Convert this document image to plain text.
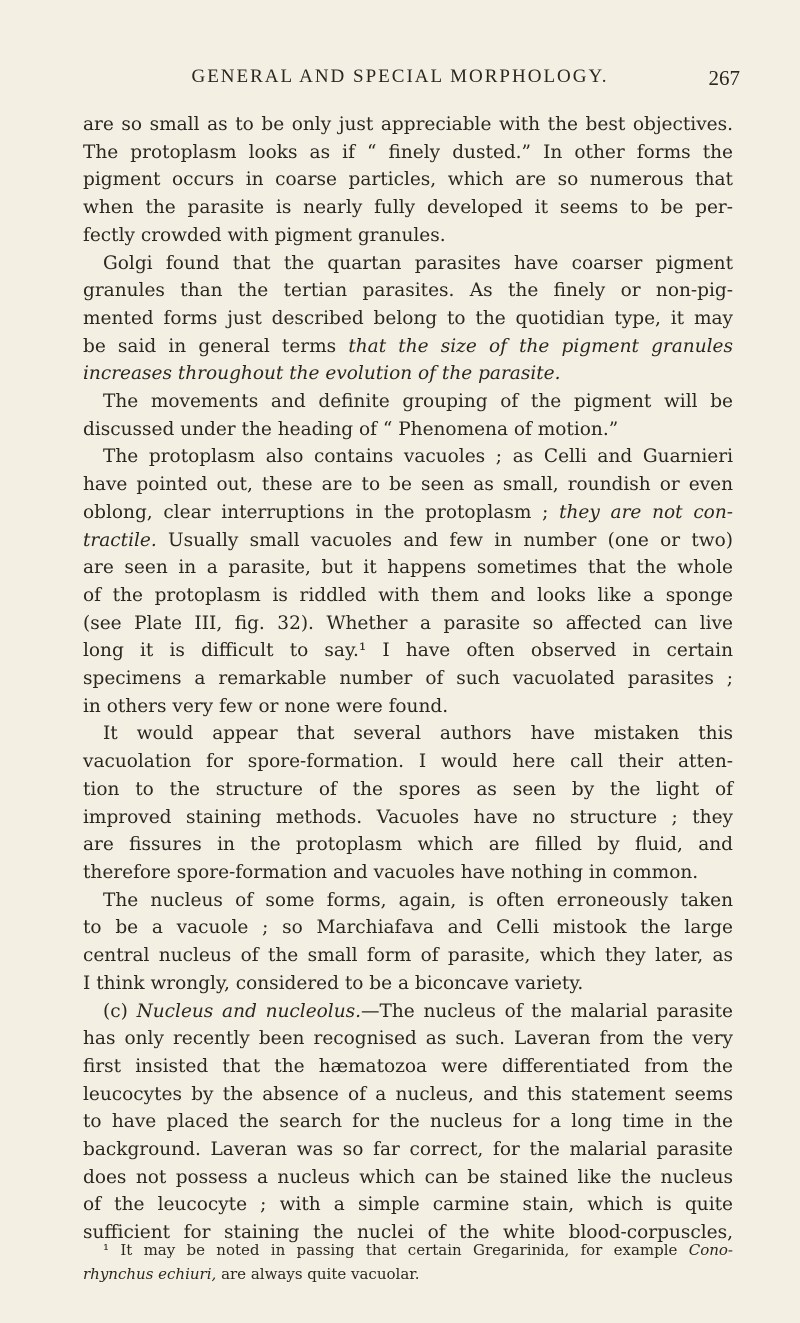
GENERAL AND SPECIAL MORPHOLOGY.	267
are so small as to be only just appreciable with the best objectives.
The protoplasm looks as if “ finely dusted.” In other forms the
pigment occurs in coarse particles, which are so numerous that
when the parasite is nearly fully developed it seems to be per-
fectly crowded with pigment granules.
Golgi found that the quartan parasites have coarser pigment
granules than the tertian parasites. As the finely or non-pig-
mented forms just described belong to the quotidian type, it may
be said in general terms that the size of the pigment granules
increases throughout the evolution of the parasite.
The movements and definite grouping of the pigment will be
discussed under the heading of “ Phenomena of motion.”
The protoplasm also contains vacuoles ; as Celli and Guarnieri
have pointed out, these are to be seen as small, roundish or even
oblong, clear interruptions in the protoplasm ; they are not con-
tractile. Usually small vacuoles and few in number (one or two)
are seen in a parasite, but it happens sometimes that the whole
of the protoplasm is riddled with them and looks like a sponge
(see Plate III, fig. 32). Whether a parasite so affected can live
long it is difficult to say.¹ I have often observed in certain
specimens a remarkable number of such vacuolated parasites ;
in others very few or none were found.
It would appear that several authors have mistaken this
vacuolation for spore-formation. I would here call their atten-
tion to the structure of the spores as seen by the light of
improved staining methods. Vacuoles have no structure ; they
are fissures in the protoplasm which are filled by fluid, and
therefore spore-formation and vacuoles have nothing in common.
The nucleus of some forms, again, is often erroneously taken
to be a vacuole ; so Marchiafava and Celli mistook the large
central nucleus of the small form of parasite, which they later, as
I think wrongly, considered to be a biconcave variety.
(c) Nucleus and nucleolus.—The nucleus of the malarial parasite
has only recently been recognised as such. Laveran from the very
first insisted that the hæmatozoa were differentiated from the
leucocytes by the absence of a nucleus, and this statement seems
to have placed the search for the nucleus for a long time in the
background. Laveran was so far correct, for the malarial parasite
does not possess a nucleus which can be stained like the nucleus
of the leucocyte ; with a simple carmine stain, which is quite
sufficient for staining the nuclei of the white blood-corpuscles,
¹ It may be noted in passing that certain Gregarinida, for example Cono-
rhynchus echiuri, are always quite vacuolar.
